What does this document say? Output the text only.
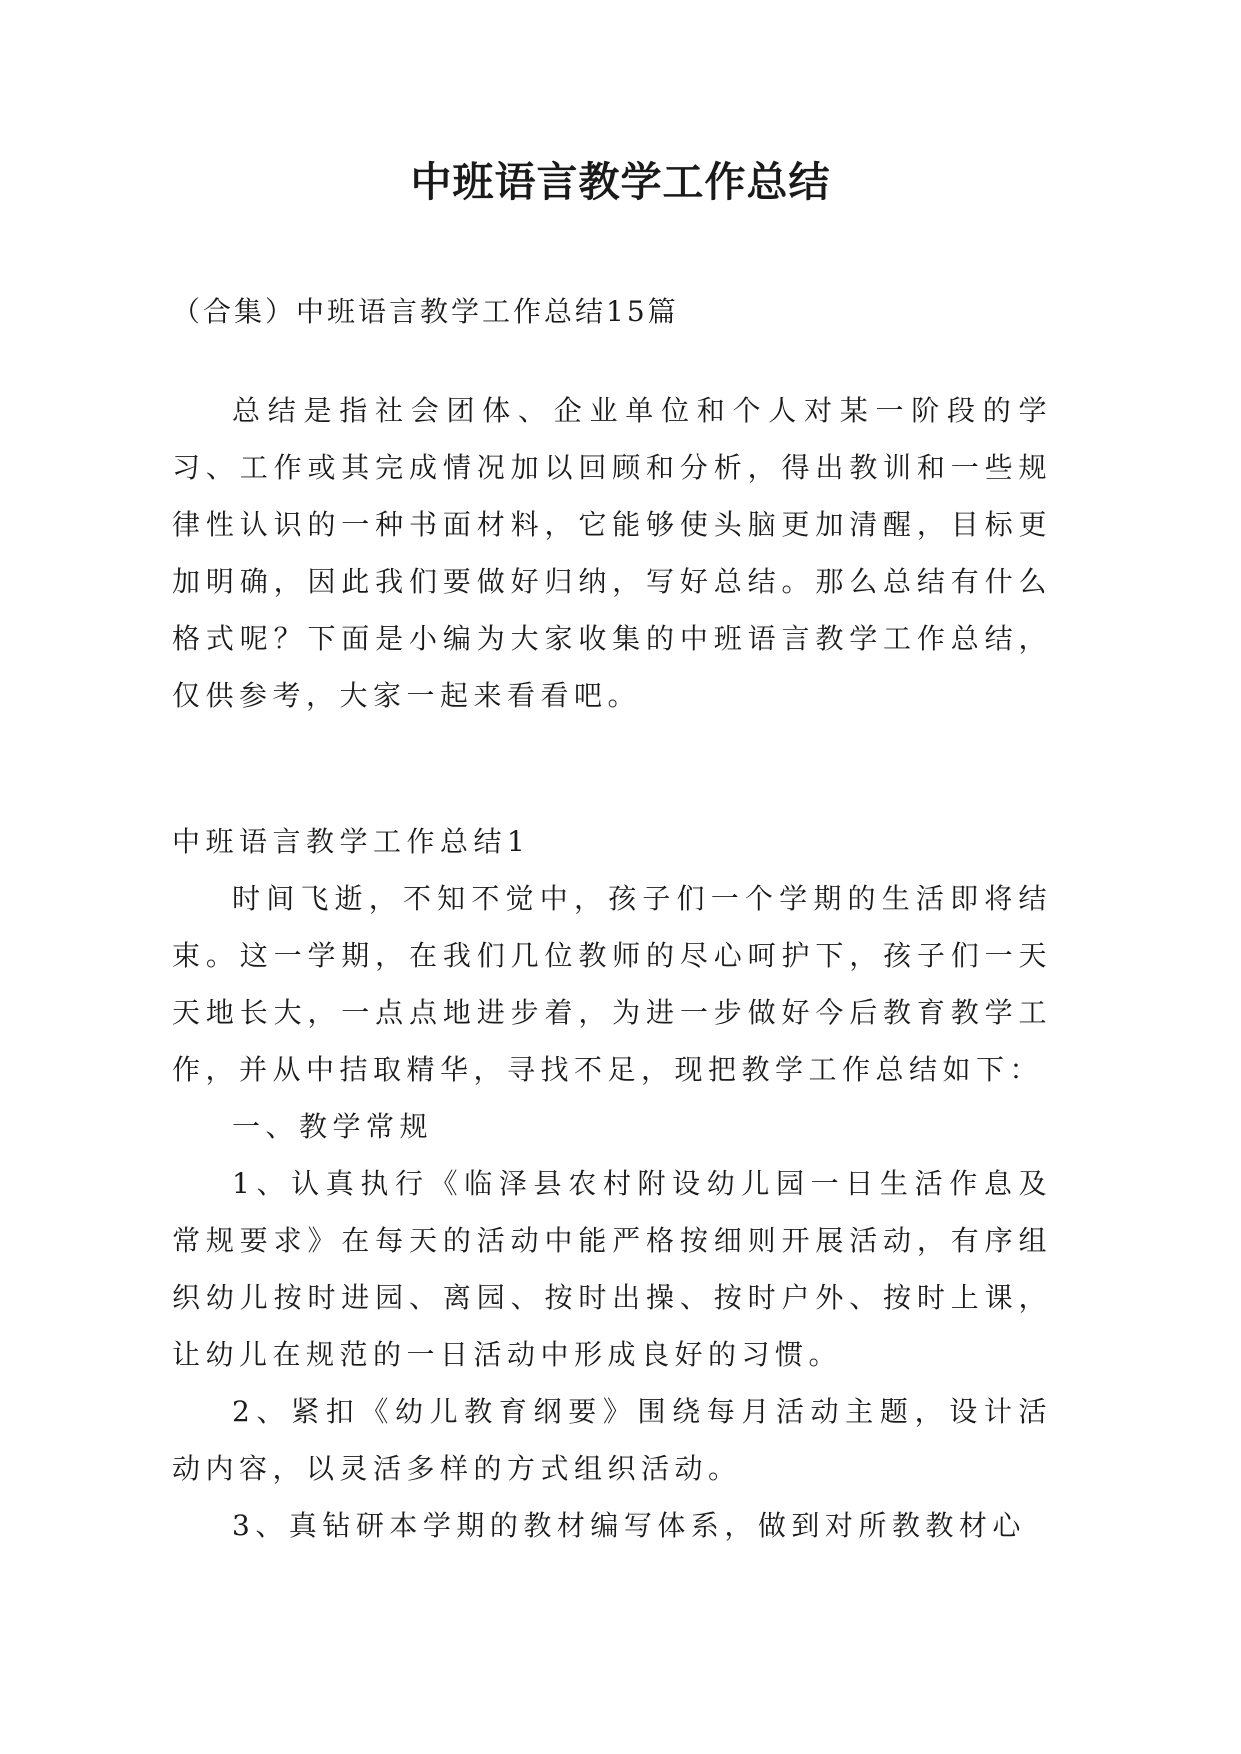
中班语言教学工作总结
（合集）中班语言教学工作总结15篇

总结是指社会团体、企业单位和个人对某一阶段的学习、工作或其完成情况加以回顾和分析，得出教训和一些规律性认识的一种书面材料，它能够使头脑更加清醒，目标更加明确，因此我们要做好归纳，写好总结。那么总结有什么格式呢？下面是小编为大家收集的中班语言教学工作总结，仅供参考，大家一起来看看吧。

中班语言教学工作总结1

时间飞逝，不知不觉中，孩子们一个学期的生活即将结束。这一学期，在我们几位教师的尽心呵护下，孩子们一天天地长大，一点点地进步着，为进一步做好今后教育教学工作，并从中拮取精华，寻找不足，现把教学工作总结如下：

一、教学常规

1、认真执行《临泽县农村附设幼儿园一日生活作息及常规要求》在每天的活动中能严格按细则开展活动，有序组织幼儿按时进园、离园、按时出操、按时户外、按时上课，让幼儿在规范的一日活动中形成良好的习惯。

2、紧扣《幼儿教育纲要》围绕每月活动主题，设计活动内容，以灵活多样的方式组织活动。

3、真钻研本学期的教材编写体系，做到对所教教材心
